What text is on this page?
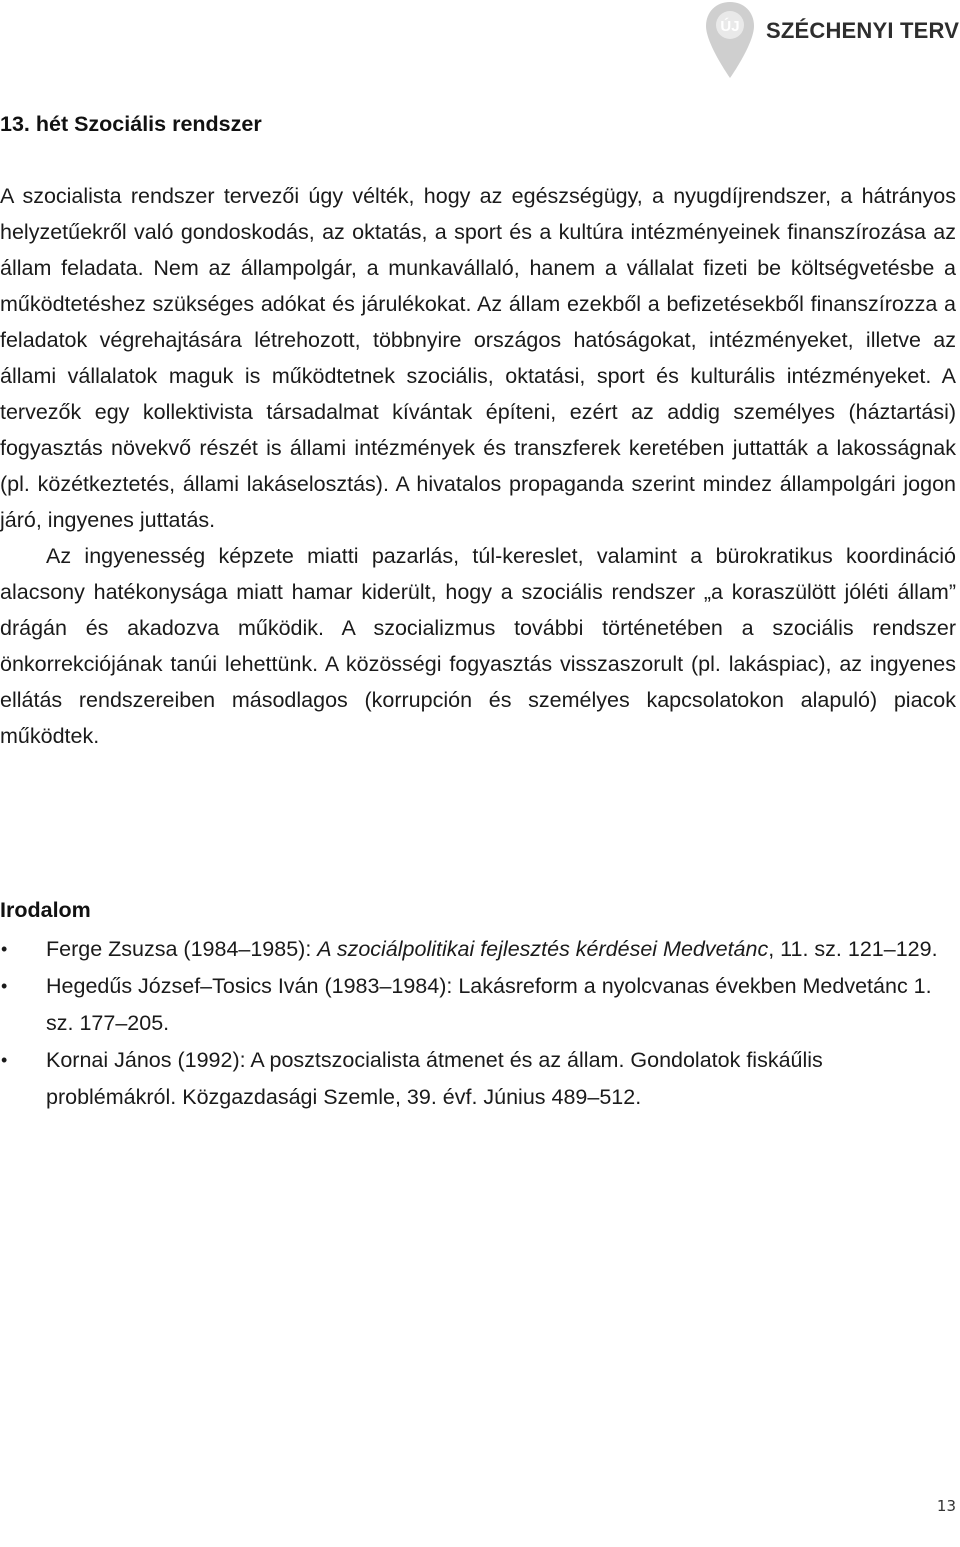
ÚJ SZÉCHENYI TERV
13. hét Szociális rendszer

A szocialista rendszer tervezői úgy vélték, hogy az egészségügy, a nyugdíjrendszer, a hátrányos helyzetűekről való gondoskodás, az oktatás, a sport és a kultúra intézményeinek finanszírozása az állam feladata. Nem az állampolgár, a munkavállaló, hanem a vállalat fizeti be költségvetésbe a működtetéshez szükséges adókat és járulékokat. Az állam ezekből a befizetésekből finanszírozza a feladatok végrehajtására létrehozott, többnyire országos hatóságokat, intézményeket, illetve az állami vállalatok maguk is működtetnek szociális, oktatási, sport és kulturális intézményeket. A tervezők egy kollektivista társadalmat kívántak építeni, ezért az addig személyes (háztartási) fogyasztás növekvő részét is állami intézmények és transzferek keretében juttatták a lakosságnak (pl. közétkeztetés, állami lakáselosztás). A hivatalos propaganda szerint mindez állampolgári jogon járó, ingyenes juttatás.

Az ingyenesség képzete miatti pazarlás, túl-kereslet, valamint a bürokratikus koordináció alacsony hatékonysága miatt hamar kiderült, hogy a szociális rendszer „a koraszülött jóléti állam” drágán és akadozva működik. A szocializmus további történetében a szociális rendszer önkorrekciójának tanúi lehettünk. A közösségi fogyasztás visszaszorult (pl. lakáspiac), az ingyenes ellátás rendszereiben másodlagos (korrupción és személyes kapcsolatokon alapuló) piacok működtek.

Irodalom
• Ferge Zsuzsa (1984–1985): A szociálpolitikai fejlesztés kérdései Medvetánc, 11. sz. 121–129.
• Hegedűs József–Tosics Iván (1983–1984): Lakásreform a nyolcvanas években Medvetánc 1. sz. 177–205.
• Kornai János (1992): A posztszocialista átmenet és az állam. Gondolatok fiskáűlis problémákról. Közgazdasági Szemle, 39. évf. Június 489–512.
13
